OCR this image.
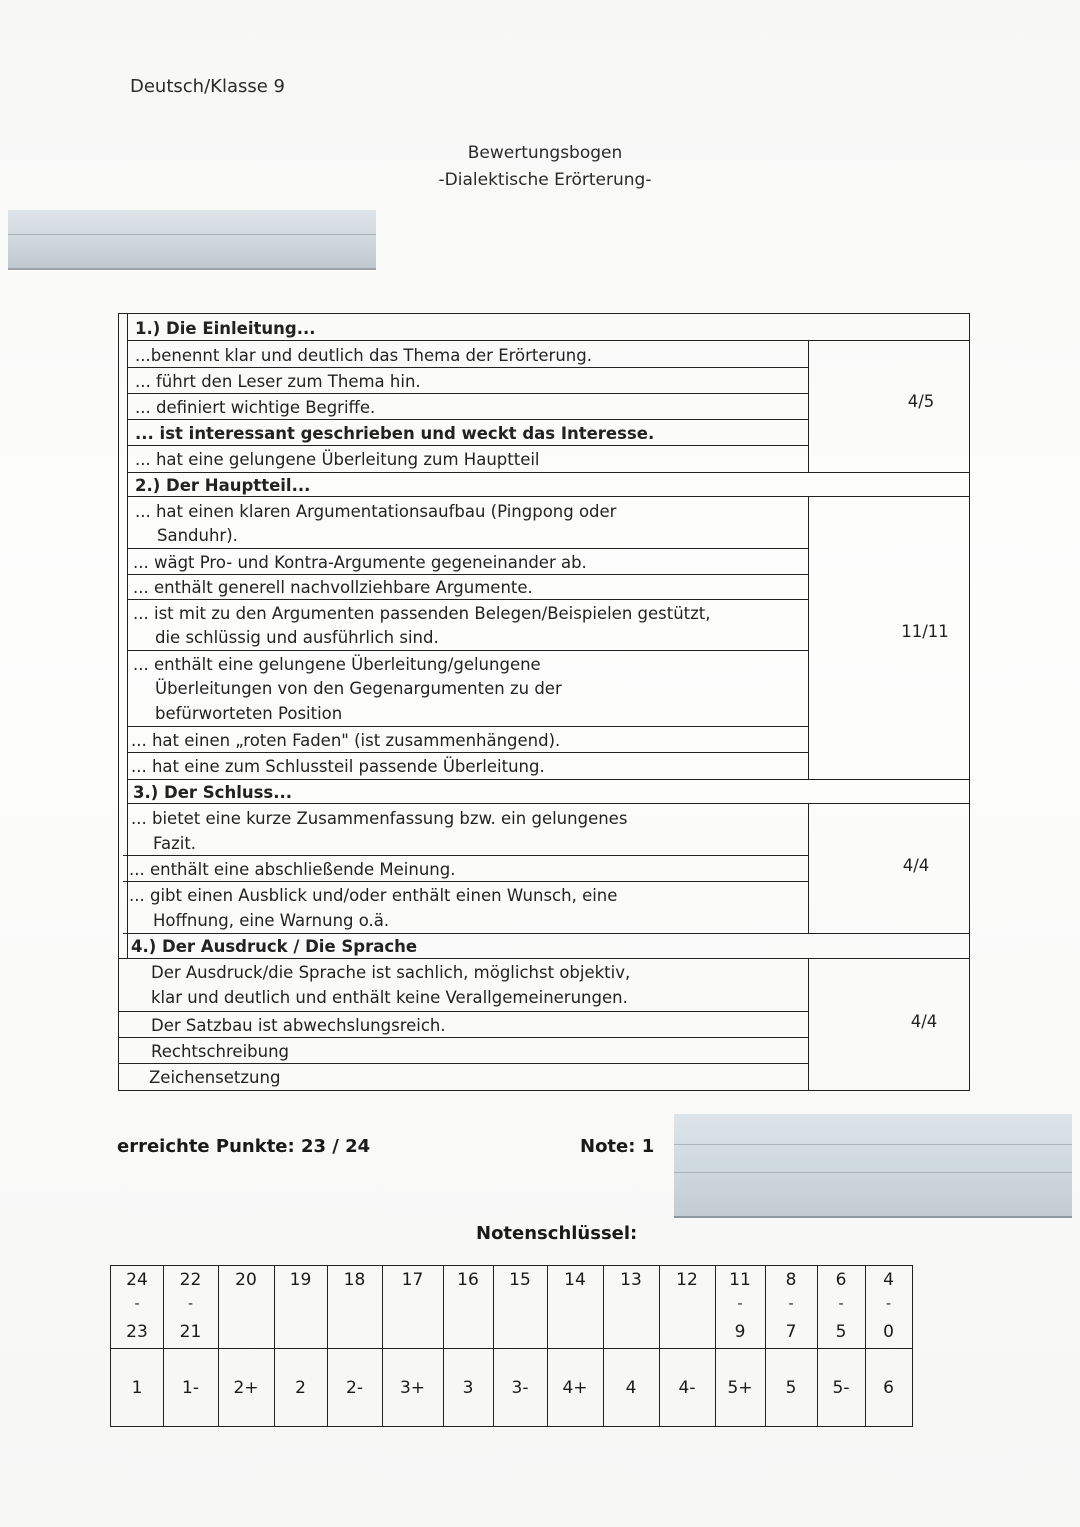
Deutsch/Klasse 9
Bewertungsbogen
-Dialektische Erörterung-
1.) Die Einleitung...
...benennt klar und deutlich das Thema der Erörterung.
... führt den Leser zum Thema hin.
... definiert wichtige Begriffe.
... ist interessant geschrieben und weckt das Interesse.
... hat eine gelungene Überleitung zum Hauptteil
4/5
2.) Der Hauptteil...
... hat einen klaren Argumentationsaufbau (Pingpong oder
Sanduhr).
... wägt Pro- und Kontra-Argumente gegeneinander ab.
... enthält generell nachvollziehbare Argumente.
... ist mit zu den Argumenten passenden Belegen/Beispielen gestützt,
die schlüssig und ausführlich sind.
... enthält eine gelungene Überleitung/gelungene
Überleitungen von den Gegenargumenten zu der
befürworteten Position
... hat einen „roten Faden" (ist zusammenhängend).
... hat eine zum Schlussteil passende Überleitung.
11/11
3.) Der Schluss...
... bietet eine kurze Zusammenfassung bzw. ein gelungenes
Fazit.
... enthält eine abschließende Meinung.
... gibt einen Ausblick und/oder enthält einen Wunsch, eine
Hoffnung, eine Warnung o.ä.
4/4
4.) Der Ausdruck / Die Sprache
Der Ausdruck/die Sprache ist sachlich, möglichst objektiv,
klar und deutlich und enthält keine Verallgemeinerungen.
Der Satzbau ist abwechslungsreich.
Rechtschreibung
Zeichensetzung
4/4
erreichte Punkte: 23 / 24	Note: 1
Notenschlüssel:
24
-
23
1
22
-
21
1-
20
2+
19
2
18
2-
17
3+
16
3
15
3-
14
4+
13
4
12
4-
11
-
9
5+
8
-
7
5
6
-
5
5-
4
-
0
6
